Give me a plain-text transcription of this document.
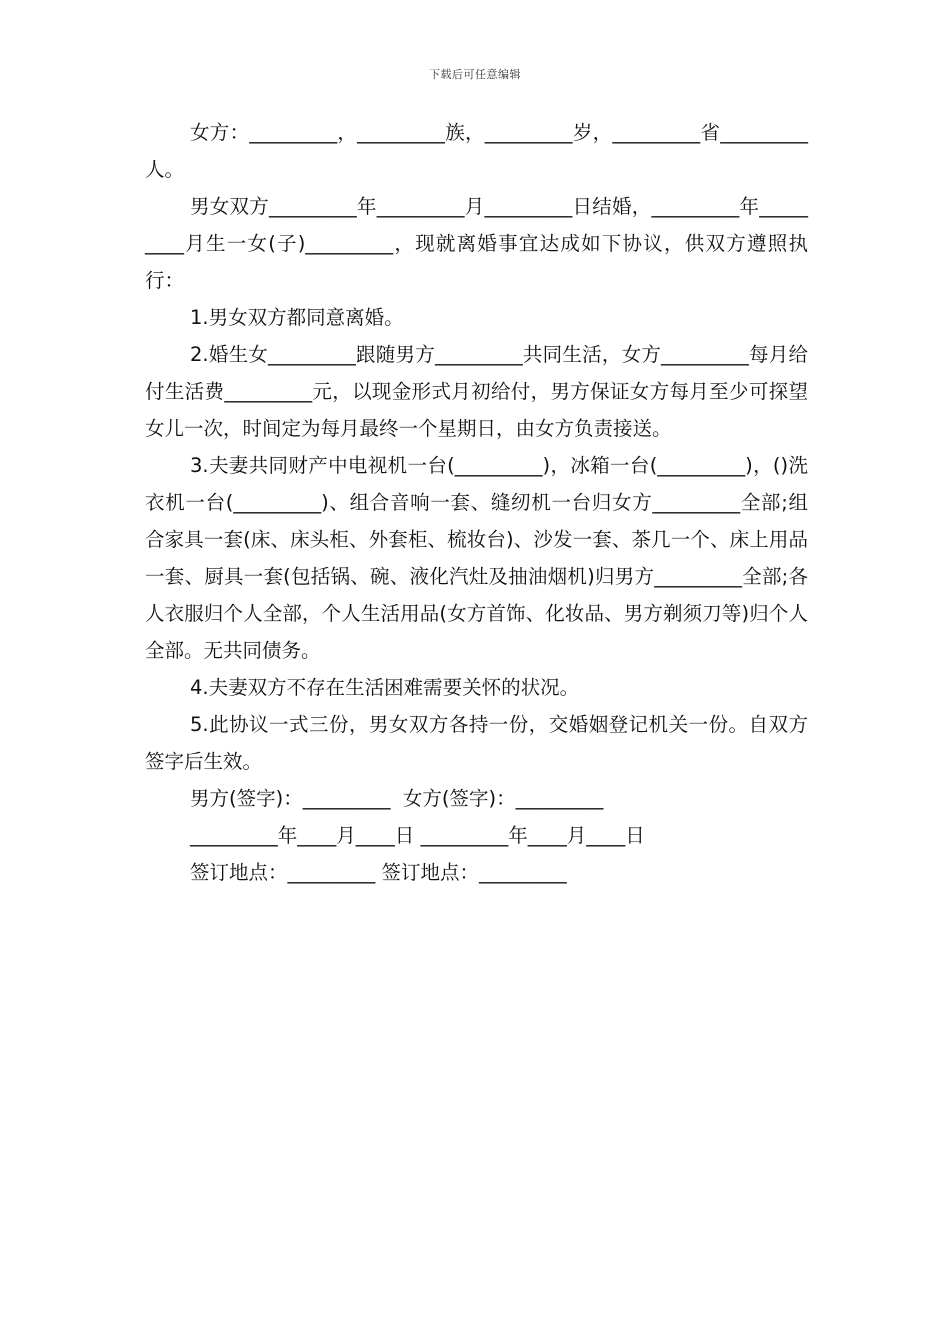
下载后可任意编辑

女方：_________，_________族，_________岁，_________省_________人。

男女双方_________年_________月_________日结婚，_________年_________月生一女(子)_________，现就离婚事宜达成如下协议，供双方遵照执行：

1.男女双方都同意离婚。

2.婚生女_________跟随男方_________共同生活，女方_________每月给付生活费_________元，以现金形式月初给付，男方保证女方每月至少可探望女儿一次，时间定为每月最终一个星期日，由女方负责接送。

3.夫妻共同财产中电视机一台(_________)，冰箱一台(_________)，()洗衣机一台(_________)、组合音响一套、缝纫机一台归女方_________全部;组合家具一套(床、床头柜、外套柜、梳妆台)、沙发一套、茶几一个、床上用品一套、厨具一套(包括锅、碗、液化汽灶及抽油烟机)归男方_________全部;各人衣服归个人全部，个人生活用品(女方首饰、化妆品、男方剃须刀等)归个人全部。无共同债务。

4.夫妻双方不存在生活困难需要关怀的状况。

5.此协议一式三份，男女双方各持一份，交婚姻登记机关一份。自双方签字后生效。

男方(签字)：_________  女方(签字)：_________
_________年____月____日 _________年____月____日
签订地点：_________ 签订地点：_________
